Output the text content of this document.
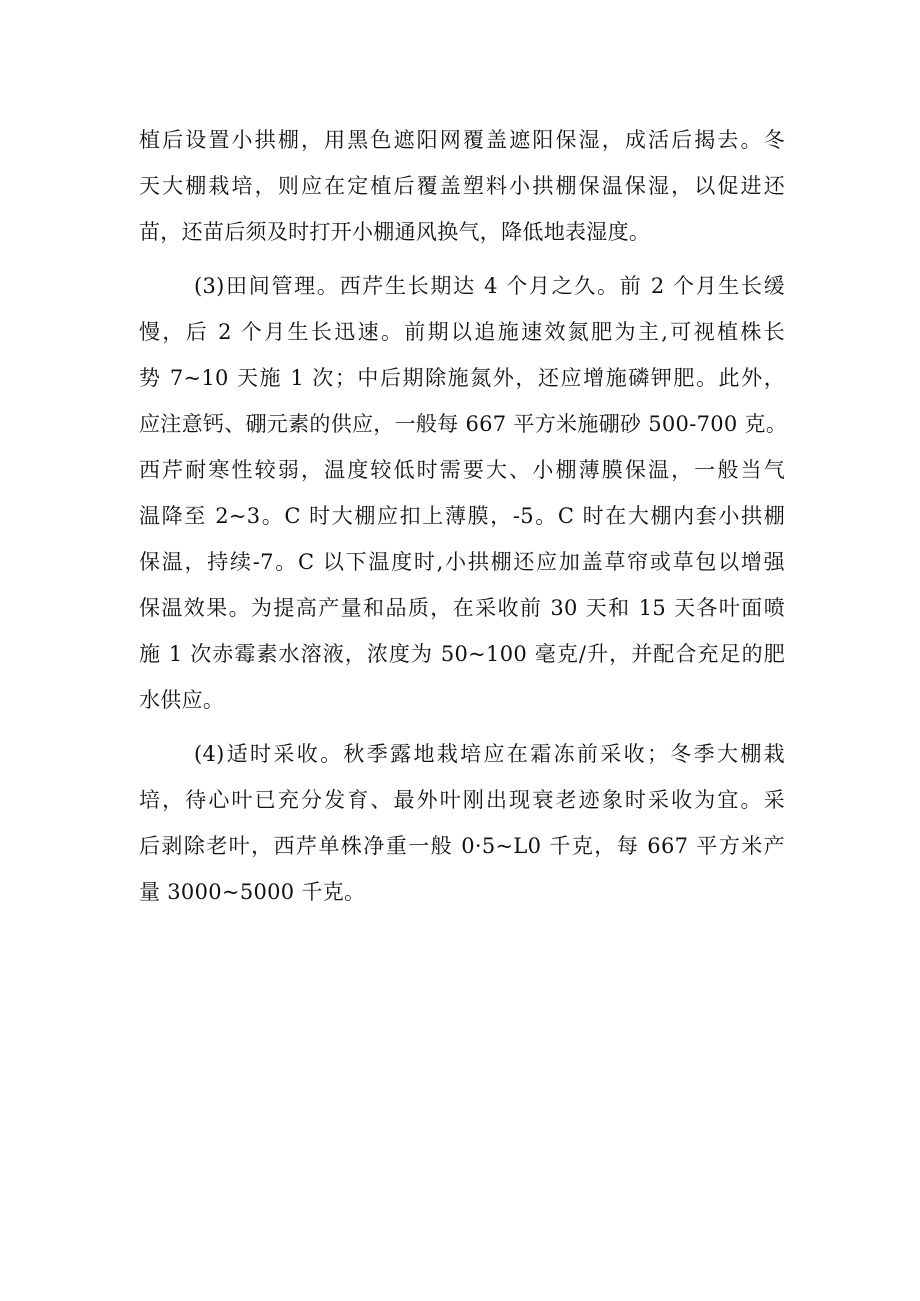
植后设置小拱棚，用黑色遮阳网覆盖遮阳保湿，成活后揭去。冬
天大棚栽培，则应在定植后覆盖塑料小拱棚保温保湿，以促进还
苗，还苗后须及时打开小棚通风换气，降低地表湿度。
(3)田间管理。西芹生长期达 4 个月之久。前 2 个月生长缓
慢，后 2 个月生长迅速。前期以追施速效氮肥为主,可视植株长
势 7~10 天施 1 次；中后期除施氮外，还应增施磷钾肥。此外，
应注意钙、硼元素的供应，一般每 667 平方米施硼砂 500-700 克。
西芹耐寒性较弱，温度较低时需要大、小棚薄膜保温，一般当气
温降至 2~3。C 时大棚应扣上薄膜，-5。C 时在大棚内套小拱棚
保温，持续-7。C 以下温度时,小拱棚还应加盖草帘或草包以增强
保温效果。为提高产量和品质，在采收前 30 天和 15 天各叶面喷
施 1 次赤霉素水溶液，浓度为 50~100 毫克/升，并配合充足的肥
水供应。
(4)适时采收。秋季露地栽培应在霜冻前采收；冬季大棚栽
培，待心叶已充分发育、最外叶刚出现衰老迹象时采收为宜。采
后剥除老叶，西芹单株净重一般 0·5~L0 千克，每 667 平方米产
量 3000~5000 千克。
